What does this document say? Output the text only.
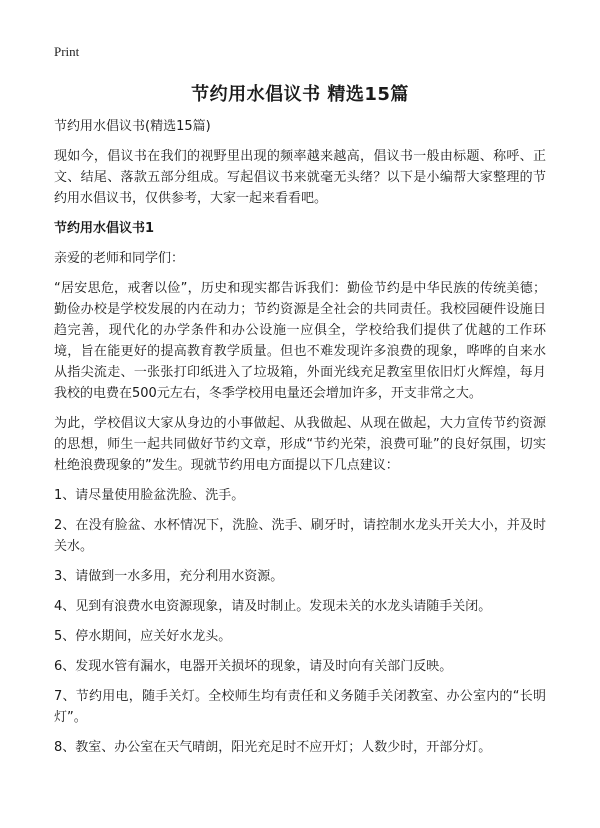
Print
节约用水倡议书 精选15篇

节约用水倡议书(精选15篇)

现如今，倡议书在我们的视野里出现的频率越来越高，倡议书一般由标题、称呼、正文、结尾、落款五部分组成。写起倡议书来就毫无头绪？以下是小编帮大家整理的节约用水倡议书，仅供参考，大家一起来看看吧。

节约用水倡议书1

亲爱的老师和同学们：

“居安思危，戒奢以俭”，历史和现实都告诉我们：勤俭节约是中华民族的传统美德；勤俭办校是学校发展的内在动力；节约资源是全社会的共同责任。我校园硬件设施日趋完善，现代化的办学条件和办公设施一应俱全，学校给我们提供了优越的工作环境，旨在能更好的提高教育教学质量。但也不难发现许多浪费的现象，哗哗的自来水从指尖流走、一张张打印纸进入了垃圾箱，外面光线充足教室里依旧灯火辉煌，每月我校的电费在500元左右，冬季学校用电量还会增加许多，开支非常之大。

为此，学校倡议大家从身边的小事做起、从我做起、从现在做起，大力宣传节约资源的思想，师生一起共同做好节约文章，形成“节约光荣，浪费可耻”的良好氛围，切实杜绝浪费现象的”发生。现就节约用电方面提以下几点建议：

1、请尽量使用脸盆洗脸、洗手。

2、在没有脸盆、水杯情况下，洗脸、洗手、刷牙时，请控制水龙头开关大小，并及时关水。

3、请做到一水多用，充分利用水资源。

4、见到有浪费水电资源现象，请及时制止。发现未关的水龙头请随手关闭。

5、停水期间，应关好水龙头。

6、发现水管有漏水，电器开关损坏的现象，请及时向有关部门反映。

7、节约用电，随手关灯。全校师生均有责任和义务随手关闭教室、办公室内的“长明灯”。

8、教室、办公室在天气晴朗，阳光充足时不应开灯；人数少时，开部分灯。
